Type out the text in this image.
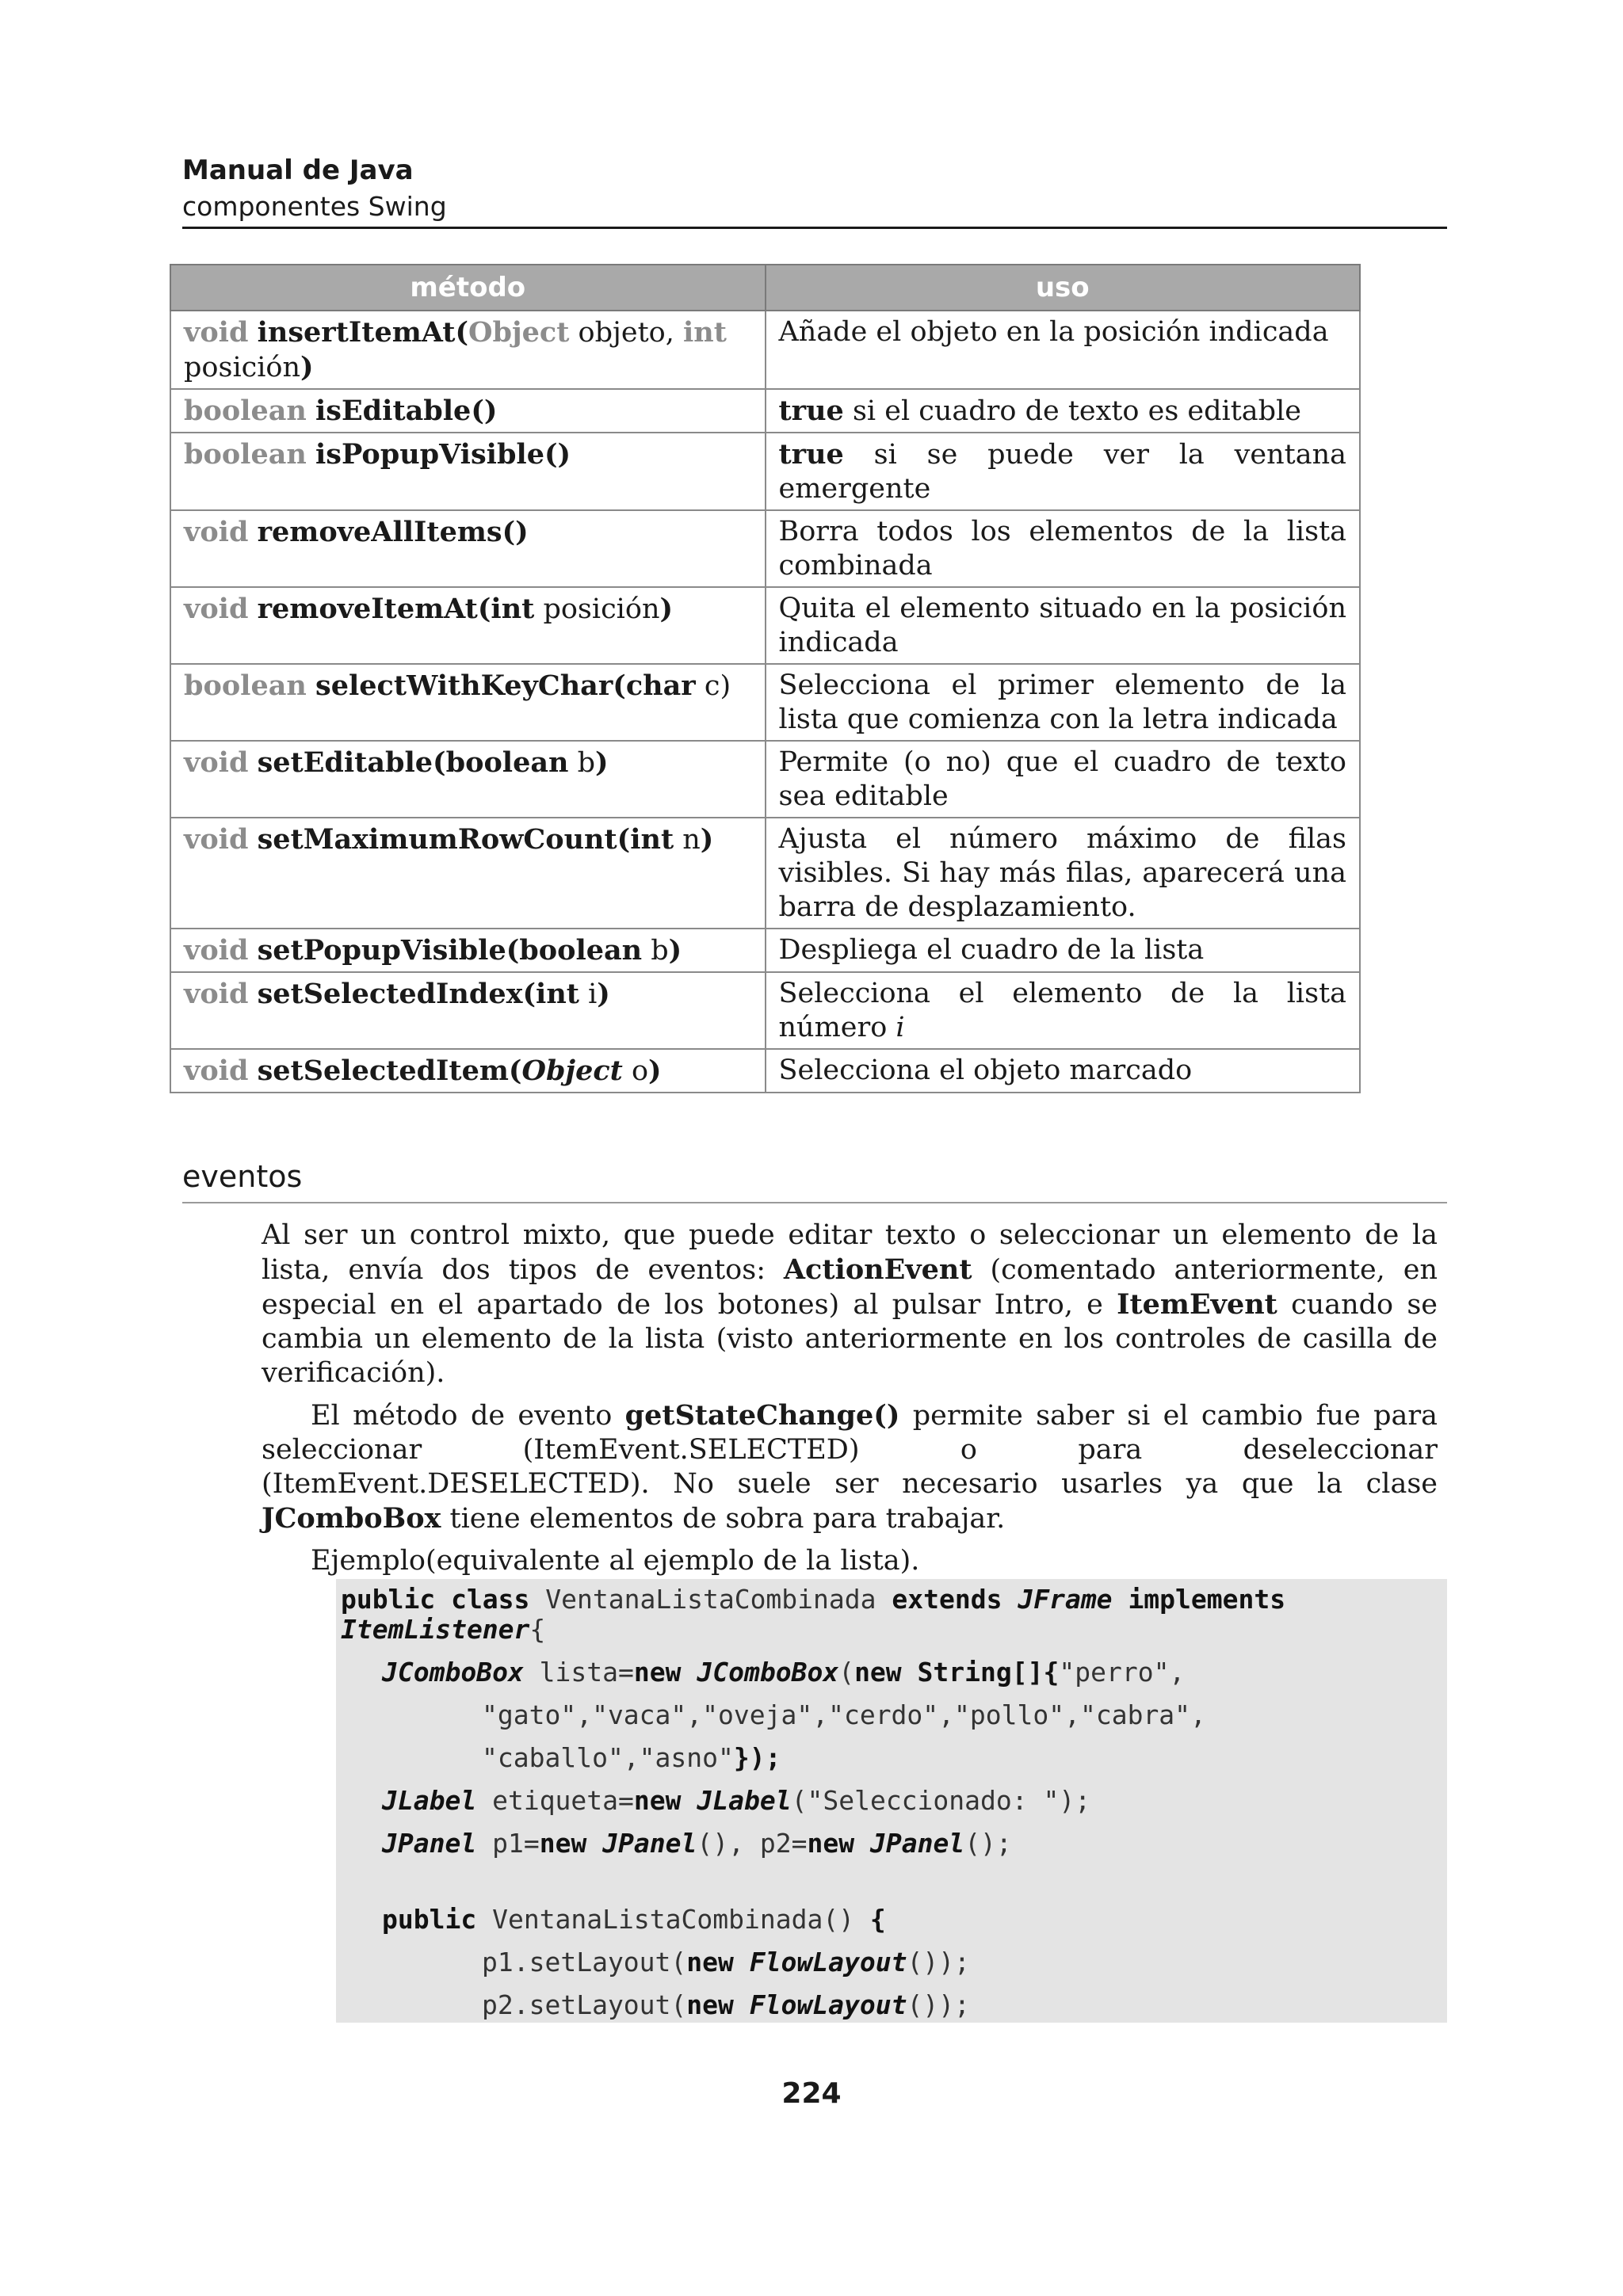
Manual de Java
componentes Swing
método	uso
void insertItemAt(Object objeto, int
posición)	Añade el objeto en la posición indicada
boolean isEditable()	true si el cuadro de texto es editable
boolean isPopupVisible()	true si se puede ver la ventana emergente
void removeAllItems()	Borra todos los elementos de la lista combinada
void removeItemAt(int posición)	Quita el elemento situado en la posición indicada
boolean selectWithKeyChar(char c)	Selecciona el primer elemento de la lista que comienza con la letra indicada
void setEditable(boolean b)	Permite (o no) que el cuadro de texto sea editable
void setMaximumRowCount(int n)	Ajusta el número máximo de filas visibles. Si hay más filas, aparecerá una barra de desplazamiento.
void setPopupVisible(boolean b)	Despliega el cuadro de la lista
void setSelectedIndex(int i)	Selecciona el elemento de la lista número i
void setSelectedItem(Object o)	Selecciona el objeto marcado
eventos

Al ser un control mixto, que puede editar texto o seleccionar un elemento de la lista, envía dos tipos de eventos: ActionEvent (comentado anteriormente, en especial en el apartado de los botones) al pulsar Intro, e ItemEvent cuando se cambia un elemento de la lista (visto anteriormente en los controles de casilla de verificación).

El método de evento getStateChange() permite saber si el cambio fue para seleccionar (ItemEvent.SELECTED) o para deseleccionar (ItemEvent.DESELECTED). No suele ser necesario usarles ya que la clase JComboBox tiene elementos de sobra para trabajar.

Ejemplo(equivalente al ejemplo de la lista).

public class VentanaListaCombinada extends JFrame implements
ItemListener{
JComboBox lista=new JComboBox(new String[]{"perro",
"gato","vaca","oveja","cerdo","pollo","cabra",
"caballo","asno"});
JLabel etiqueta=new JLabel("Seleccionado: ");
JPanel p1=new JPanel(), p2=new JPanel();
public VentanaListaCombinada() {
p1.setLayout(new FlowLayout());
p2.setLayout(new FlowLayout());
224
